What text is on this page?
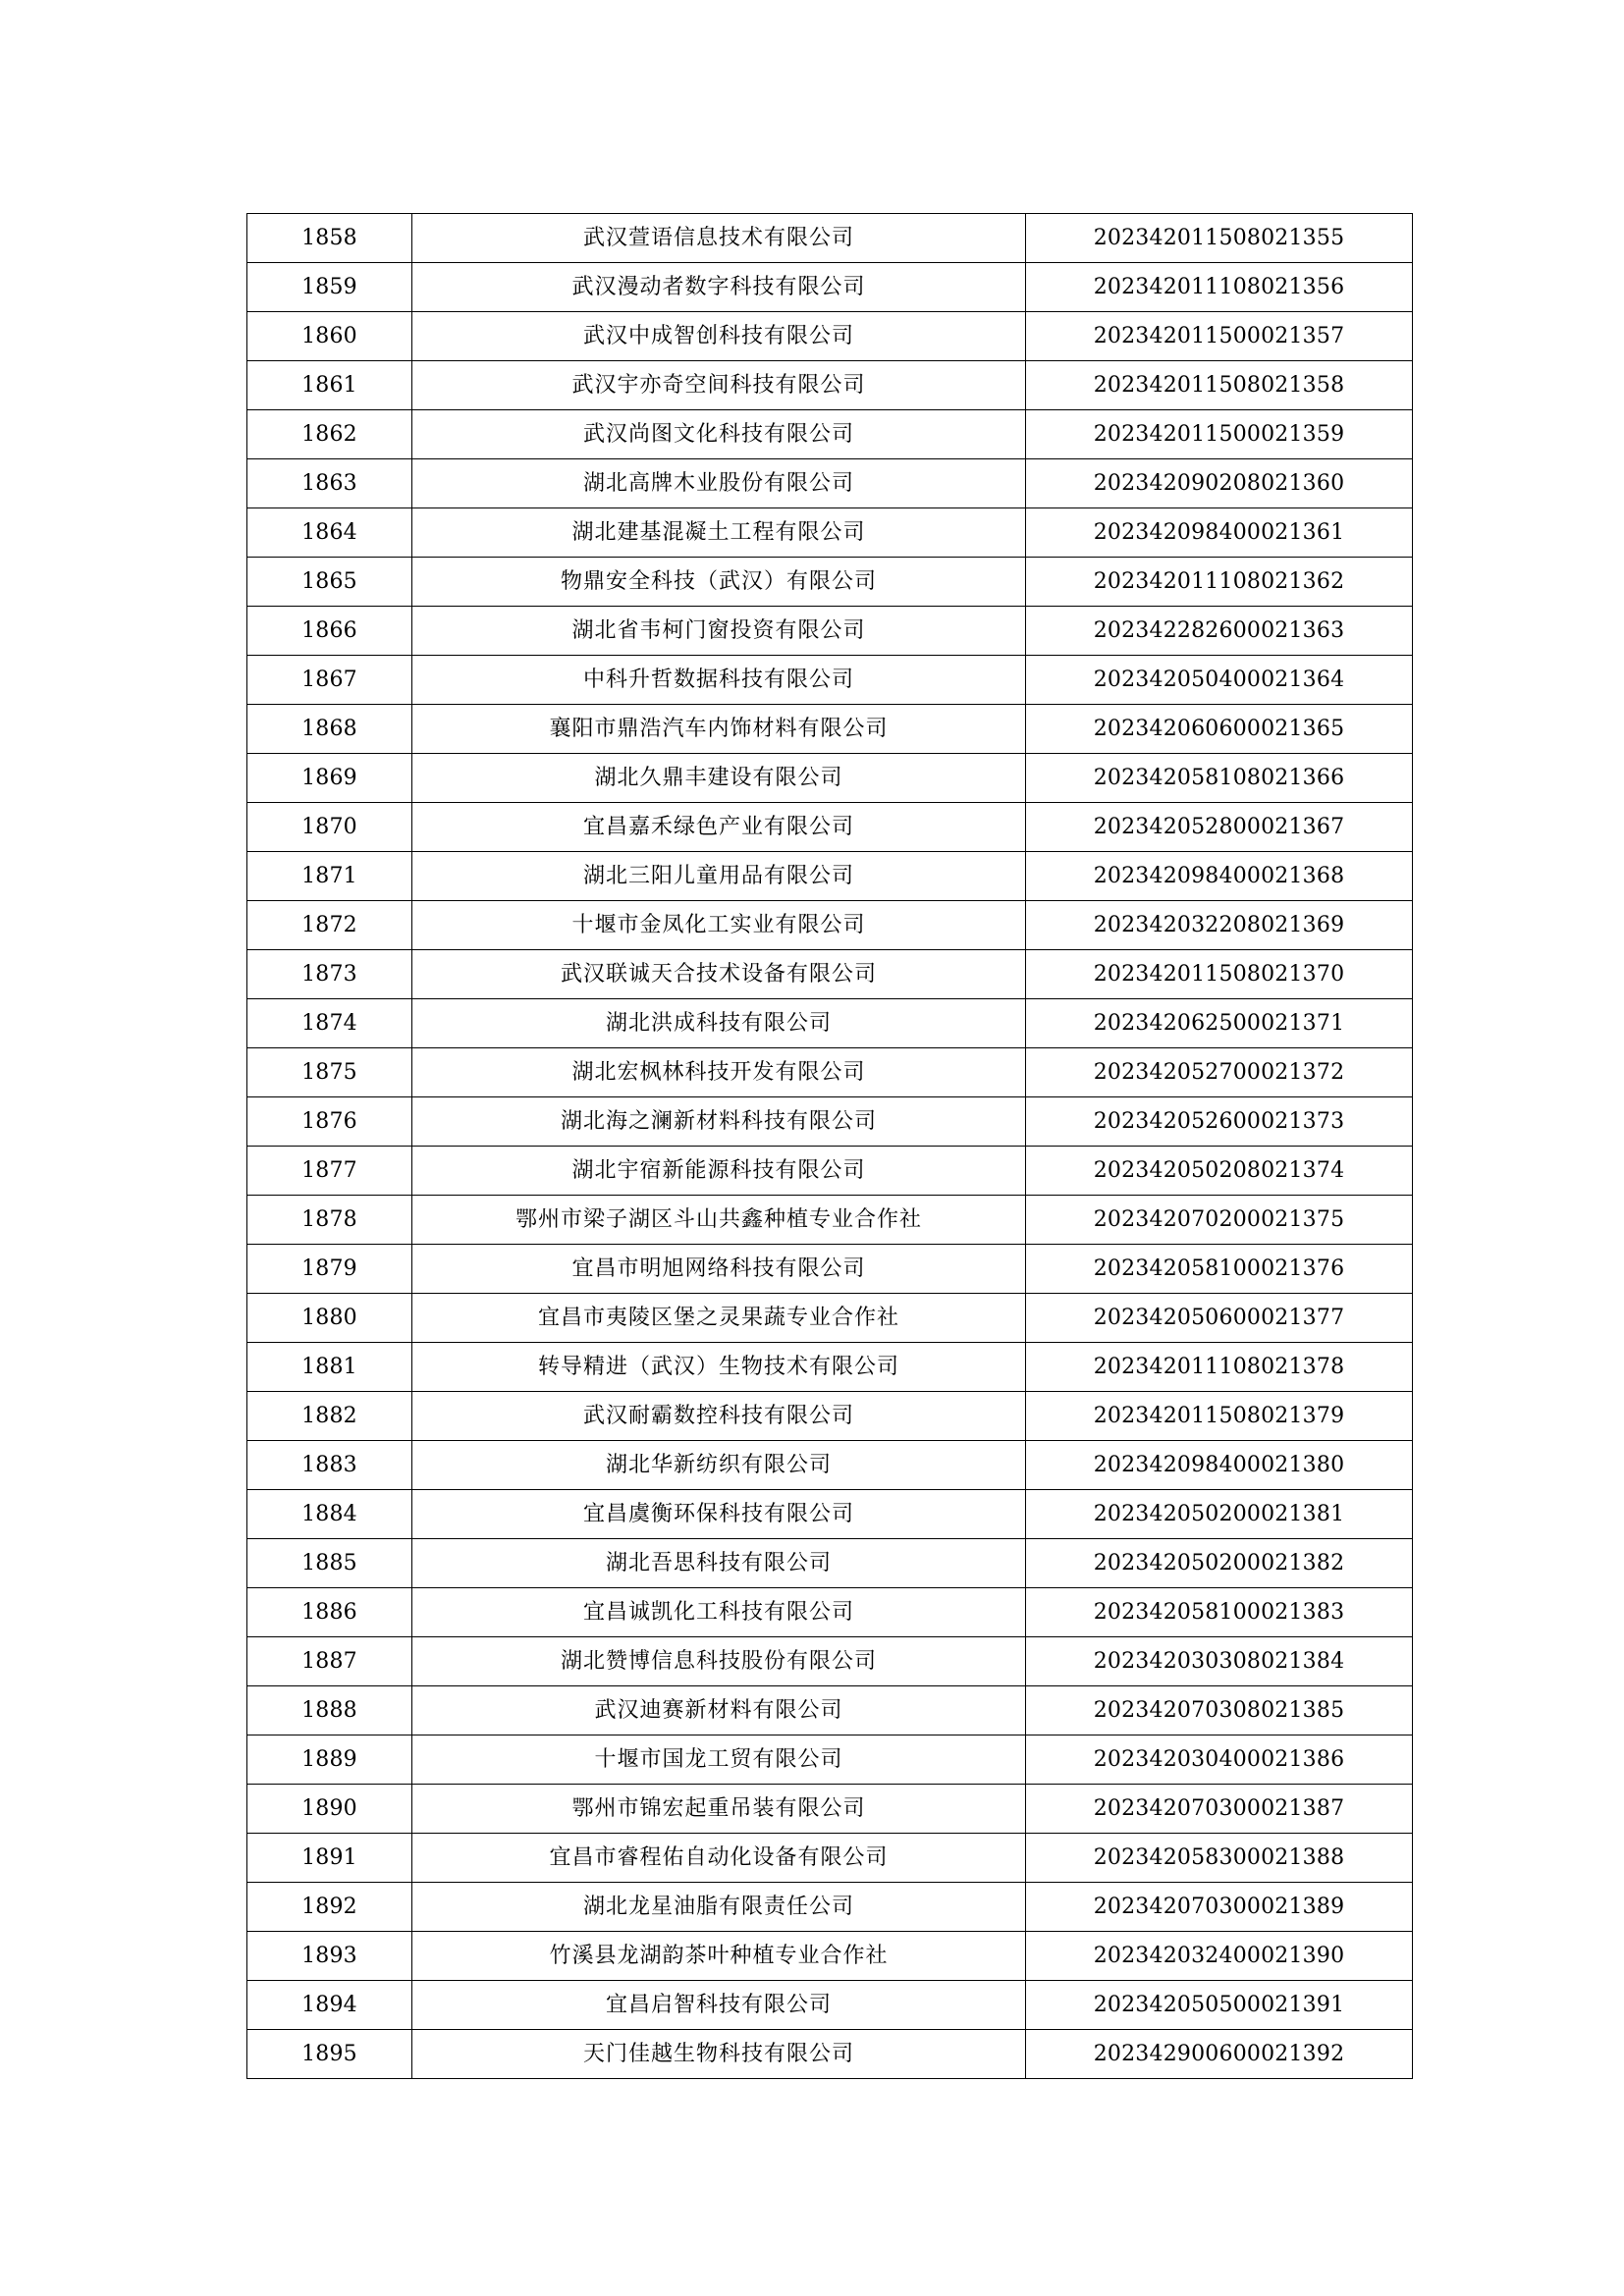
1858	武汉萱语信息技术有限公司	202342011508021355
1859	武汉漫动者数字科技有限公司	202342011108021356
1860	武汉中成智创科技有限公司	202342011500021357
1861	武汉宇亦奇空间科技有限公司	202342011508021358
1862	武汉尚图文化科技有限公司	202342011500021359
1863	湖北高牌木业股份有限公司	202342090208021360
1864	湖北建基混凝土工程有限公司	202342098400021361
1865	物鼎安全科技（武汉）有限公司	202342011108021362
1866	湖北省韦柯门窗投资有限公司	202342282600021363
1867	中科升哲数据科技有限公司	202342050400021364
1868	襄阳市鼎浩汽车内饰材料有限公司	202342060600021365
1869	湖北久鼎丰建设有限公司	202342058108021366
1870	宜昌嘉禾绿色产业有限公司	202342052800021367
1871	湖北三阳儿童用品有限公司	202342098400021368
1872	十堰市金凤化工实业有限公司	202342032208021369
1873	武汉联诚天合技术设备有限公司	202342011508021370
1874	湖北洪成科技有限公司	202342062500021371
1875	湖北宏枫林科技开发有限公司	202342052700021372
1876	湖北海之澜新材料科技有限公司	202342052600021373
1877	湖北宇宿新能源科技有限公司	202342050208021374
1878	鄂州市梁子湖区斗山共鑫种植专业合作社	202342070200021375
1879	宜昌市明旭网络科技有限公司	202342058100021376
1880	宜昌市夷陵区堡之灵果蔬专业合作社	202342050600021377
1881	转导精进（武汉）生物技术有限公司	202342011108021378
1882	武汉耐霸数控科技有限公司	202342011508021379
1883	湖北华新纺织有限公司	202342098400021380
1884	宜昌虞衡环保科技有限公司	202342050200021381
1885	湖北吾思科技有限公司	202342050200021382
1886	宜昌诚凯化工科技有限公司	202342058100021383
1887	湖北赞博信息科技股份有限公司	202342030308021384
1888	武汉迪赛新材料有限公司	202342070308021385
1889	十堰市国龙工贸有限公司	202342030400021386
1890	鄂州市锦宏起重吊装有限公司	202342070300021387
1891	宜昌市睿程佑自动化设备有限公司	202342058300021388
1892	湖北龙星油脂有限责任公司	202342070300021389
1893	竹溪县龙湖韵茶叶种植专业合作社	202342032400021390
1894	宜昌启智科技有限公司	202342050500021391
1895	天门佳越生物科技有限公司	202342900600021392
